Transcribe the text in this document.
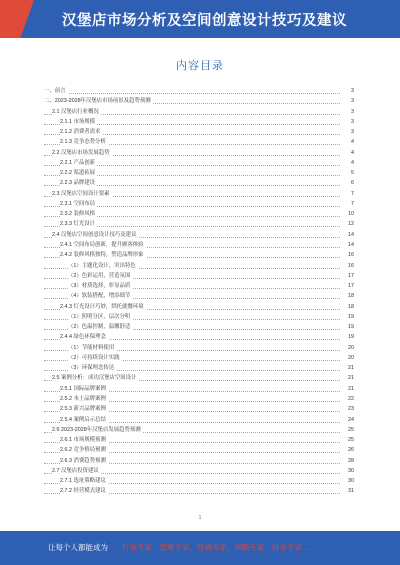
汉堡店市场分析及空间创意设计技巧及建议
内容目录
一、前言	3
二、2023-2028年汉堡店市场前景及趋势预测	3
2.1 汉堡店行业概况	3
2.1.1 市场规模	3
2.1.2 消费者需求	3
2.1.3 竞争态势分析	4
2.2 汉堡店市场发展趋势	4
2.2.1 产品创新	4
2.2.2 渠道拓展	5
2.2.3 品牌建设	6
2.3 汉堡店空间设计要素	7
2.3.1 空间布局	7
2.3.2 装修风格	10
2.3.3 灯光设计	12
2.4 汉堡店空间创意设计技巧及建议	14
2.4.1 空间布局创新，提升顾客体验	14
2.4.2 装修风格独特，塑造品牌形象	16
（1）主题化设计，突出特色	16
（2）色彩运用，营造氛围	17
（3）材质选择，彰显品质	17
（4）软装搭配，增添细节	18
2.4.3 灯光设计巧妙，烘托就餐环境	18
（1）照明分区，层次分明	19
（2）色温控制，温馨舒适	19
2.4.4 绿色环保理念	19
（1）节能材料使用	20
（2）可持续设计实践	20
（3）环保理念传达	21
2.5 案例分析：成功汉堡店空间设计	21
2.5.1 国际品牌案例	21
2.5.2 本土品牌案例	22
2.5.3 新兴品牌案例	23
2.5.4 案例启示总结	24
2.6 2023-2028年汉堡店发展趋势预测	25
2.6.1 市场规模预测	25
2.6.2 竞争格局预测	26
2.6.3 消费趋势预测	28
2.7 汉堡店投资建议	30
2.7.1 选址策略建议	30
2.7.2 经营模式建议	31
1
让每个人都能成为 行业专家、管理专家、营销专家、战略专家、财务专家……
